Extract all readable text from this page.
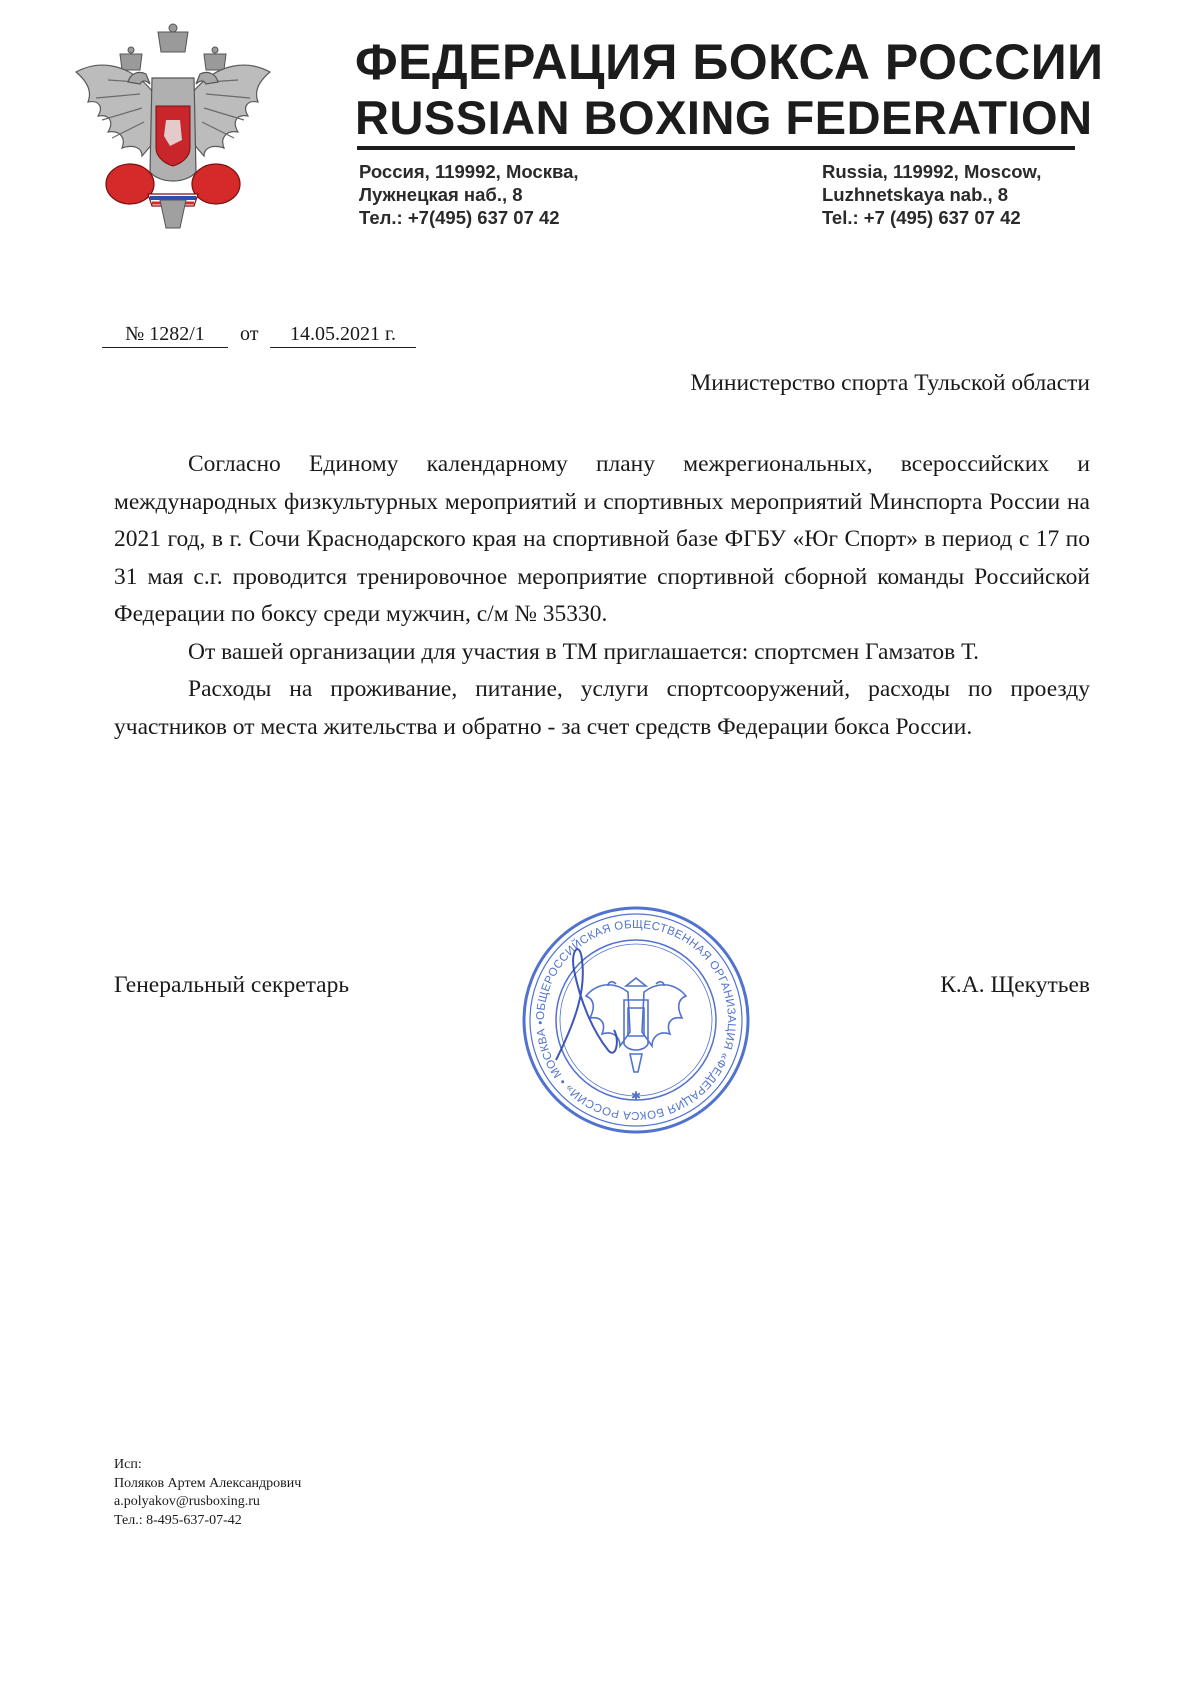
ФЕДЕРАЦИЯ БОКСА РОССИИ
RUSSIAN BOXING FEDERATION
Россия, 119992, Москва,
Лужнецкая наб., 8
Тел.: +7(495) 637 07 42
Russia, 119992, Moscow,
Luzhnetskaya nab., 8
Tel.: +7 (495) 637 07 42
№ 1282/1	от	14.05.2021 г.
Министерство спорта Тульской области

Согласно Единому календарному плану межрегиональных, всероссийских и международных физкультурных мероприятий и спортивных мероприятий Минспорта России на 2021 год, в г. Сочи Краснодарского края на спортивной базе ФГБУ «Юг Спорт» в период с 17 по 31 мая с.г. проводится тренировочное мероприятие спортивной сборной команды Российской Федерации по боксу среди мужчин, с/м № 35330.

От вашей организации для участия в ТМ приглашается: спортсмен Гамзатов Т.

Расходы на проживание, питание, услуги спортсооружений, расходы по проезду участников от места жительства и обратно - за счет средств Федерации бокса России.

Генеральный секретарь
ОБЩЕРОССИЙСКАЯ ОБЩЕСТВЕННАЯ ОРГАНИЗАЦИЯ «ФЕДЕРАЦИЯ БОКСА РОССИИ» • МОСКВА •
✱
К.А. Щекутьев
Исп:
Поляков Артем Александрович
a.polyakov@rusboxing.ru
Тел.: 8-495-637-07-42
